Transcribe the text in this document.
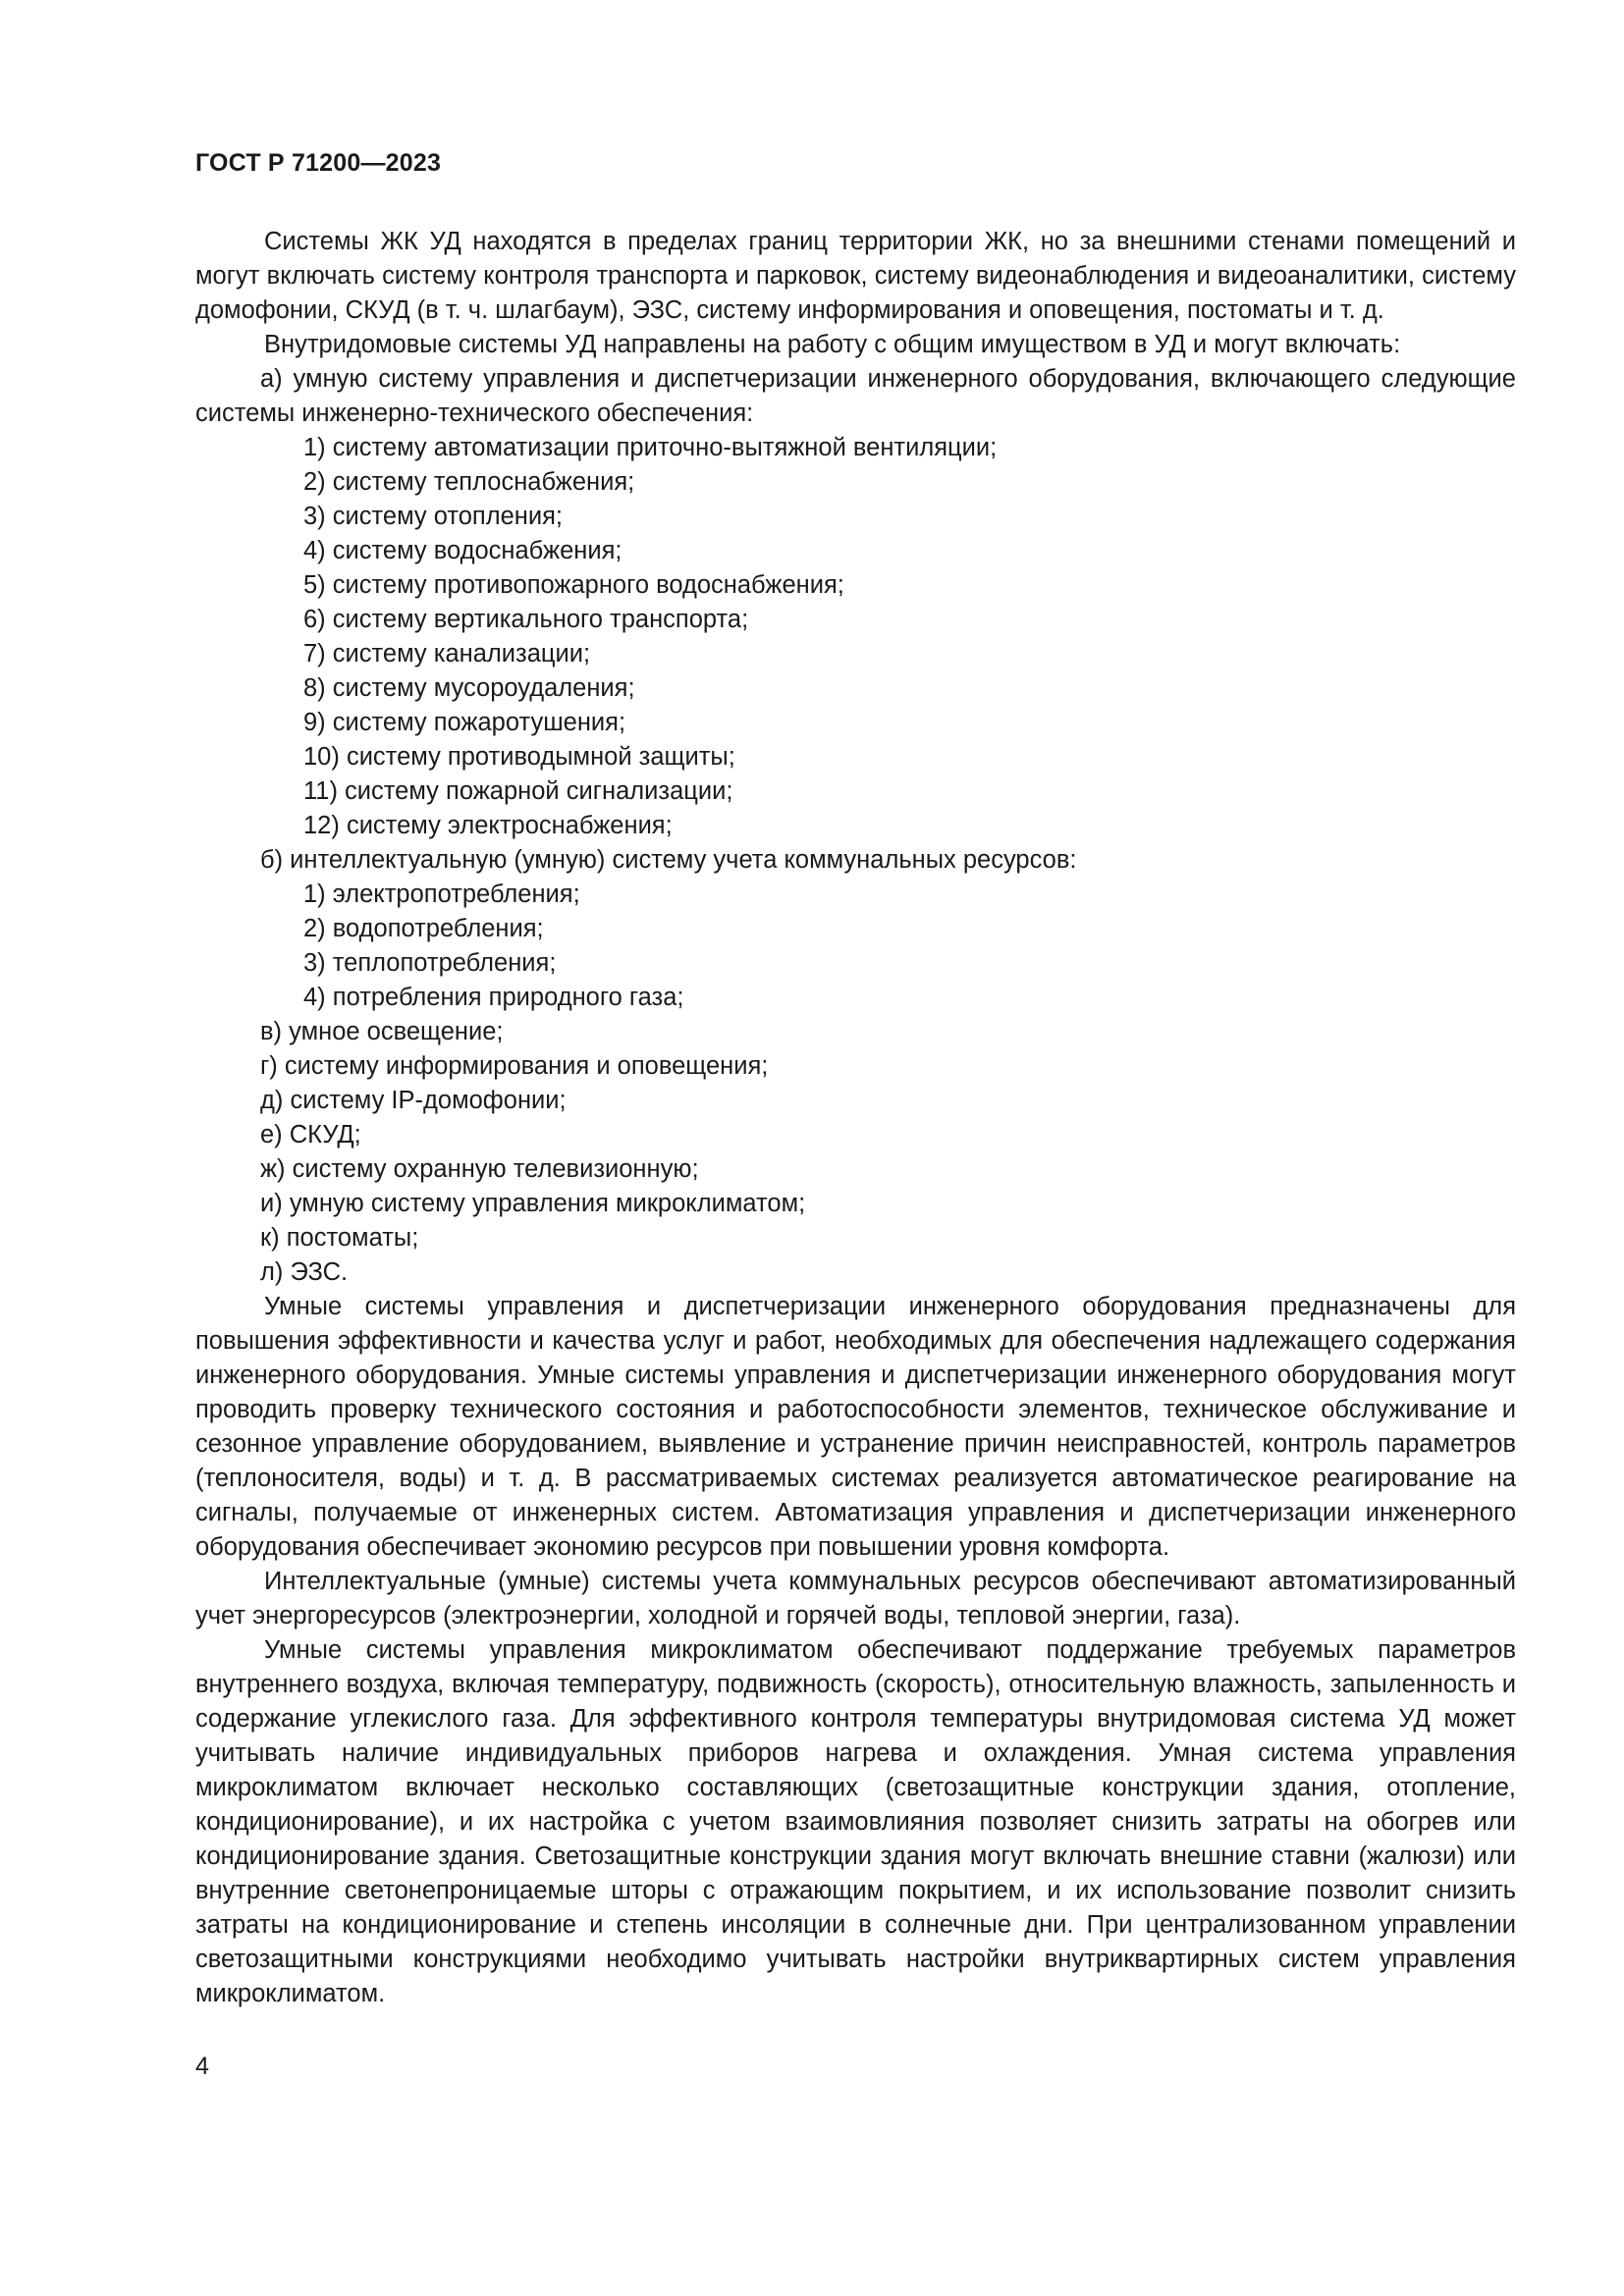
ГОСТ Р 71200—2023

Системы ЖК УД находятся в пределах границ территории ЖК, но за внешними стенами помещений и могут включать систему контроля транспорта и парковок, систему видеонаблюдения и видеоаналитики, систему домофонии, СКУД (в т. ч. шлагбаум), ЭЗС, систему информирования и оповещения, постоматы и т. д.

Внутридомовые системы УД направлены на работу с общим имуществом в УД и могут включать:

а) умную систему управления и диспетчеризации инженерного оборудования, включающего следующие системы инженерно-технического обеспечения:

1) систему автоматизации приточно-вытяжной вентиляции;

2) систему теплоснабжения;

3) систему отопления;

4) систему водоснабжения;

5) систему противопожарного водоснабжения;

6) систему вертикального транспорта;

7) систему канализации;

8) систему мусороудаления;

9) систему пожаротушения;

10) систему противодымной защиты;

11) систему пожарной сигнализации;

12) систему электроснабжения;

б) интеллектуальную (умную) систему учета коммунальных ресурсов:

1) электропотребления;

2) водопотребления;

3) теплопотребления;

4) потребления природного газа;

в) умное освещение;

г) систему информирования и оповещения;

д) систему IP-домофонии;

е) СКУД;

ж) систему охранную телевизионную;

и) умную систему управления микроклиматом;

к) постоматы;

л) ЭЗС.

Умные системы управления и диспетчеризации инженерного оборудования предназначены для повышения эффективности и качества услуг и работ, необходимых для обеспечения надлежащего содержания инженерного оборудования. Умные системы управления и диспетчеризации инженерного оборудования могут проводить проверку технического состояния и работоспособности элементов, техническое обслуживание и сезонное управление оборудованием, выявление и устранение причин неисправностей, контроль параметров (теплоносителя, воды) и т. д. В рассматриваемых системах реализуется автоматическое реагирование на сигналы, получаемые от инженерных систем. Автоматизация управления и диспетчеризации инженерного оборудования обеспечивает экономию ресурсов при повышении уровня комфорта.

Интеллектуальные (умные) системы учета коммунальных ресурсов обеспечивают автоматизированный учет энергоресурсов (электроэнергии, холодной и горячей воды, тепловой энергии, газа).

Умные системы управления микроклиматом обеспечивают поддержание требуемых параметров внутреннего воздуха, включая температуру, подвижность (скорость), относительную влажность, запыленность и содержание углекислого газа. Для эффективного контроля температуры внутридомовая система УД может учитывать наличие индивидуальных приборов нагрева и охлаждения. Умная система управления микроклиматом включает несколько составляющих (светозащитные конструкции здания, отопление, кондиционирование), и их настройка с учетом взаимовлияния позволяет снизить затраты на обогрев или кондиционирование здания. Светозащитные конструкции здания могут включать внешние ставни (жалюзи) или внутренние светонепроницаемые шторы с отражающим покрытием, и их использование позволит снизить затраты на кондиционирование и степень инсоляции в солнечные дни. При централизованном управлении светозащитными конструкциями необходимо учитывать настройки внутриквартирных систем управления микроклиматом.

4
